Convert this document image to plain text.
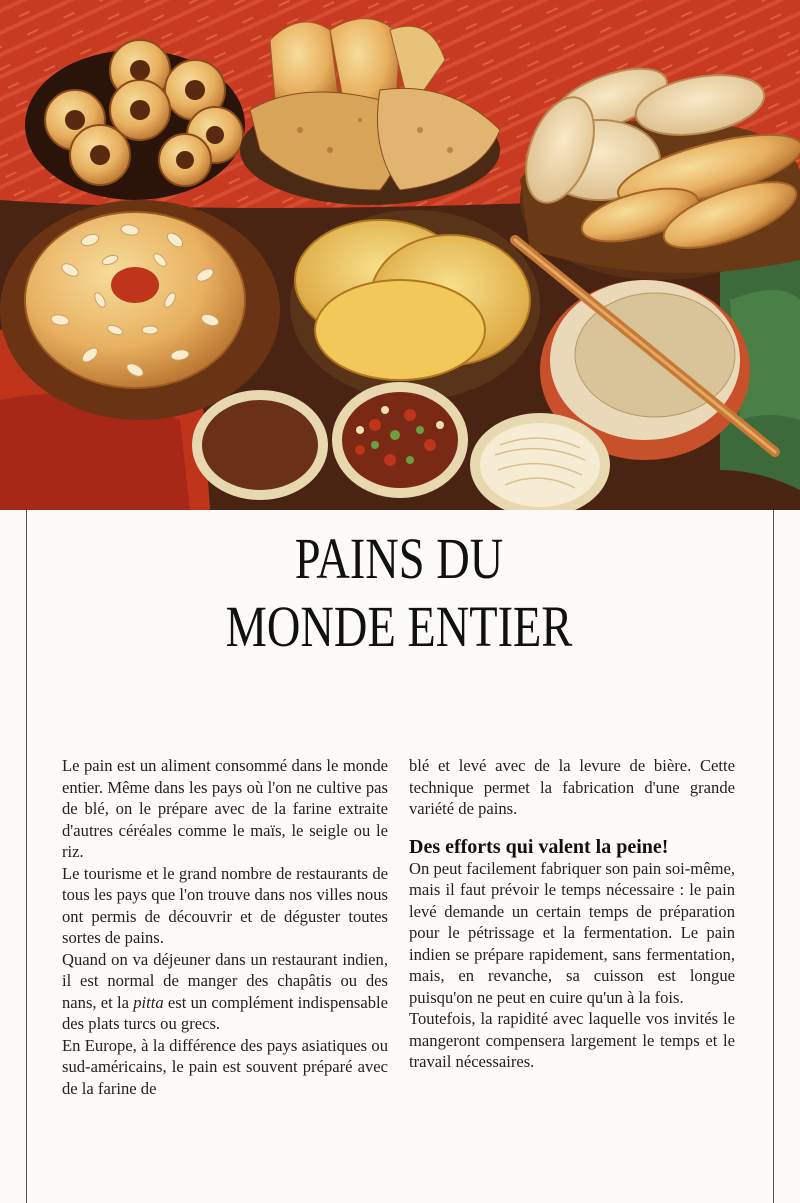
PAINS DU
MONDE ENTIER

Le pain est un aliment consommé dans le monde entier. Même dans les pays où l'on ne cultive pas de blé, on le prépare avec de la farine extraite d'autres céréales comme le maïs, le seigle ou le riz.

Le tourisme et le grand nombre de restaurants de tous les pays que l'on trouve dans nos villes nous ont permis de découvrir et de déguster toutes sortes de pains.

Quand on va déjeuner dans un restaurant indien, il est normal de manger des chapâtis ou des nans, et la pitta est un complément indispensable des plats turcs ou grecs.

En Europe, à la différence des pays asiatiques ou sud-américains, le pain est souvent préparé avec de la farine de

blé et levé avec de la levure de bière. Cette technique permet la fabrication d'une grande variété de pains.

Des efforts qui valent la peine!

On peut facilement fabriquer son pain soi-même, mais il faut prévoir le temps nécessaire : le pain levé demande un certain temps de préparation pour le pétrissage et la fermentation. Le pain indien se prépare rapidement, sans fermentation, mais, en revanche, sa cuisson est longue puisqu'on ne peut en cuire qu'un à la fois.

Toutefois, la rapidité avec laquelle vos invités le mangeront compensera largement le temps et le travail nécessaires.
